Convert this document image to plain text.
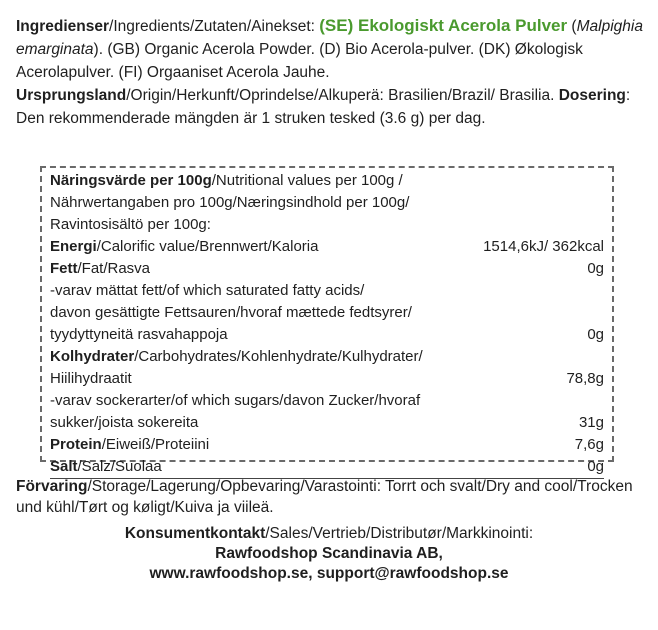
Ingredienser/Ingredients/Zutaten/Ainekset: (SE) Ekologiskt Acerola Pulver (Malpighia emarginata). (GB) Organic Acerola Powder. (D) Bio Acerola-pulver. (DK) Økologisk Acerolapulver. (FI) Orgaaniset Acerola Jauhe.
Ursprungsland/Origin/Herkunft/Oprindelse/Alkuperä: Brasilien/Brazil/ Brasilia. Dosering: Den rekommenderade mängden är 1 struken tesked (3.6 g) per dag.
Näringsvärde per 100g/Nutritional values per 100g /
Nährwertangaben pro 100g/Næringsindhold per 100g/
Ravintosisältö per 100g:
Energi/Calorific value/Brennwert/Kaloria	1514,6kJ/ 362kcal
Fett/Fat/Rasva	0g
-varav mättat fett/of which saturated fatty acids/
davon gesättigte Fettsauren/hvoraf mættede fedtsyrer/
tyydyttyneitä rasvahappoja	0g
Kolhydrater/Carbohydrates/Kohlenhydrate/Kulhydrater/
Hiilihydraatit	78,8g
-varav sockerarter/of which sugars/davon Zucker/hvoraf
sukker/joista sokereita	31g
Protein/Eiweiß/Proteiini	7,6g
Salt/Salz/Suolaa	0g
Förvaring/Storage/Lagerung/Opbevaring/Varastointi: Torrt och svalt/Dry and cool/Trocken und kühl/Tørt og køligt/Kuiva ja viileä.
Konsumentkontakt/Sales/Vertrieb/Distributør/Markkinointi:
Rawfoodshop Scandinavia AB,
www.rawfoodshop.se, support@rawfoodshop.se
